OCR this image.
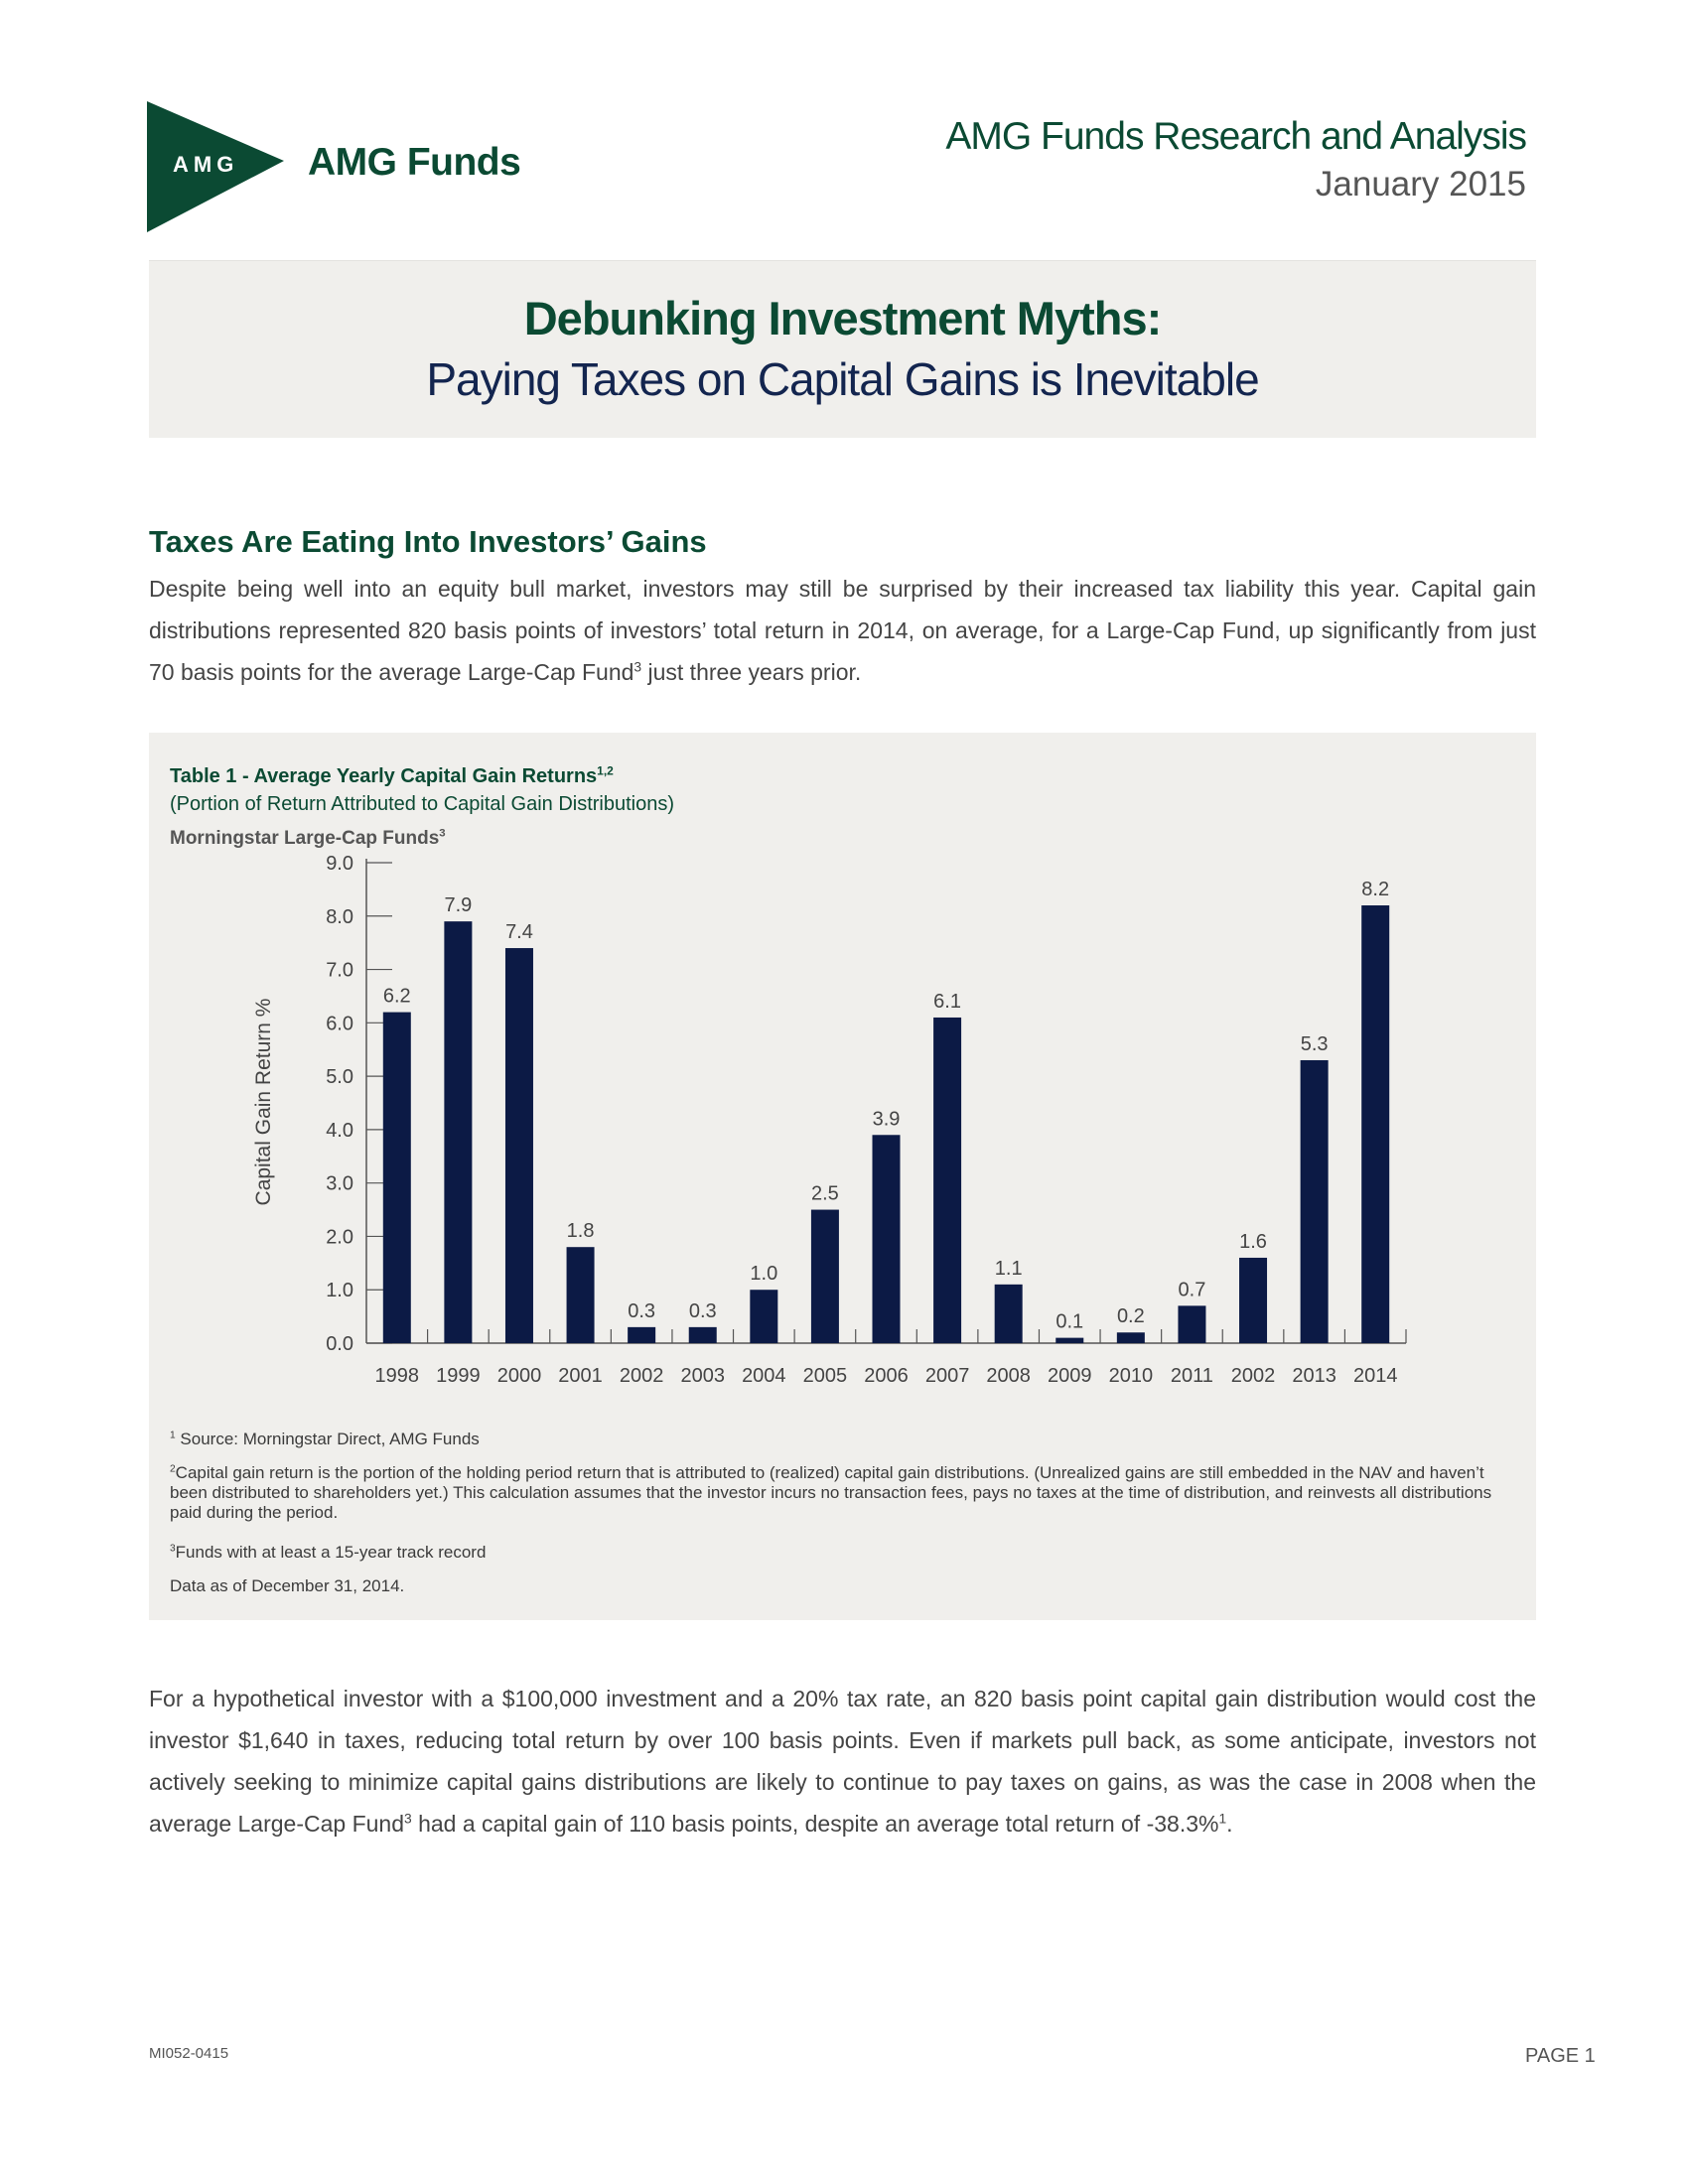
AMG AMG Funds
AMG Funds Research and Analysis
January 2015
Debunking Investment Myths:
Paying Taxes on Capital Gains is Inevitable
Taxes Are Eating Into Investors’ Gains
Despite being well into an equity bull market, investors may still be surprised by their increased tax liability this year. Capital gain distributions represented 820 basis points of investors’ total return in 2014, on average, for a Large-Cap Fund, up significantly from just 70 basis points for the average Large-Cap Fund$^3$ just three years prior.
Table 1 - Average Yearly Capital Gain Returns$^{1,2}$
(Portion of Return Attributed to Capital Gain Distributions)
Morningstar Large-Cap Funds$^3$
0.0
1.0
2.0
3.0
4.0
5.0
6.0
7.0
8.0
9.0
Capital Gain Return %
6.2
1998
7.9
1999
7.4
2000
1.8
2001
0.3
2002
0.3
2003
1.0
2004
2.5
2005
3.9
2006
6.1
2007
1.1
2008
0.1
2009
0.2
2010
0.7
2011
1.6
2002
5.3
2013
8.2
2014
$^1$ Source: Morningstar Direct, AMG Funds
$^2$Capital gain return is the portion of the holding period return that is attributed to (realized) capital gain distributions. (Unrealized gains are still embedded in the NAV and haven’t been distributed to shareholders yet.) This calculation assumes that the investor incurs no transaction fees, pays no taxes at the time of distribution, and reinvests all distributions paid during the period.
$^3$Funds with at least a 15-year track record
Data as of December 31, 2014.
For a hypothetical investor with a $100,000 investment and a 20% tax rate, an 820 basis point capital gain distribution would cost the investor $1,640 in taxes, reducing total return by over 100 basis points. Even if markets pull back, as some anticipate, investors not actively seeking to minimize capital gains distributions are likely to continue to pay taxes on gains, as was the case in 2008 when the average Large-Cap Fund$^3$ had a capital gain of 110 basis points, despite an average total return of -38.3%$^1$.
MI052-0415	PAGE 1
